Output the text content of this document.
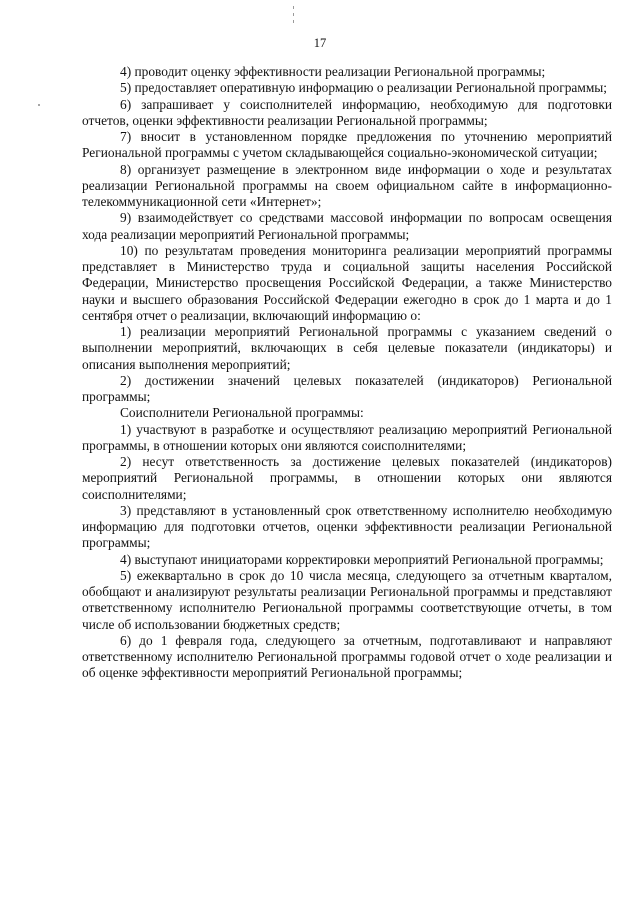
17

4) проводит оценку эффективности реализации Региональной программы;

5) предоставляет оперативную информацию о реализации Региональной программы;

6) запрашивает у соисполнителей информацию, необходимую для подготовки отчетов, оценки эффективности реализации Региональной программы;

7) вносит в установленном порядке предложения по уточнению мероприятий Региональной программы с учетом складывающейся социально-экономической ситуации;

8) организует размещение в электронном виде информации о ходе и результатах реализации Региональной программы на своем официальном сайте в информационно-телекоммуникационной сети «Интернет»;

9) взаимодействует со средствами массовой информации по вопросам освещения хода реализации мероприятий Региональной программы;

10) по результатам проведения мониторинга реализации мероприятий программы представляет в Министерство труда и социальной защиты населения Российской Федерации, Министерство просвещения Российской Федерации, а также Министерство науки и высшего образования Российской Федерации ежегодно в срок до 1 марта и до 1 сентября отчет о реализации, включающий информацию о:

1) реализации мероприятий Региональной программы с указанием сведений о выполнении мероприятий, включающих в себя целевые показатели (индикаторы) и описания выполнения мероприятий;

2) достижении значений целевых показателей (индикаторов) Региональной программы;

Соисполнители Региональной программы:

1) участвуют в разработке и осуществляют реализацию мероприятий Региональной программы, в отношении которых они являются соисполнителями;

2) несут ответственность за достижение целевых показателей (индикаторов) мероприятий Региональной программы, в отношении которых они являются соисполнителями;

3) представляют в установленный срок ответственному исполнителю необходимую информацию для подготовки отчетов, оценки эффективности реализации Региональной программы;

4) выступают инициаторами корректировки мероприятий Региональной программы;

5) ежеквартально в срок до 10 числа месяца, следующего за отчетным кварталом, обобщают и анализируют результаты реализации Региональной программы и представляют ответственному исполнителю Региональной программы соответствующие отчеты, в том числе об использовании бюджетных средств;

6) до 1 февраля года, следующего за отчетным, подготавливают и направляют ответственному исполнителю Региональной программы годовой отчет о ходе реализации и об оценке эффективности мероприятий Региональной программы;
